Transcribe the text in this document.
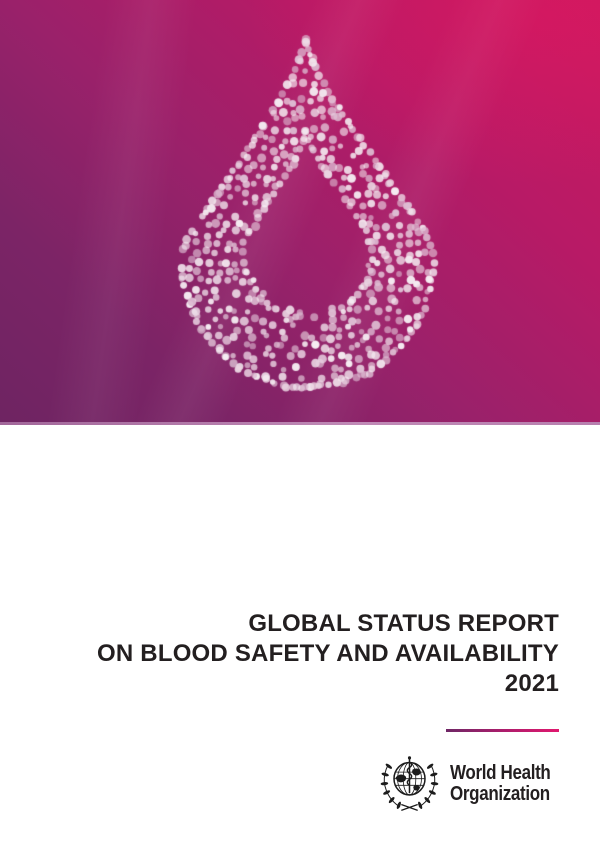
GLOBAL STATUS REPORT
ON BLOOD SAFETY AND AVAILABILITY
2021
World Health
Organization
